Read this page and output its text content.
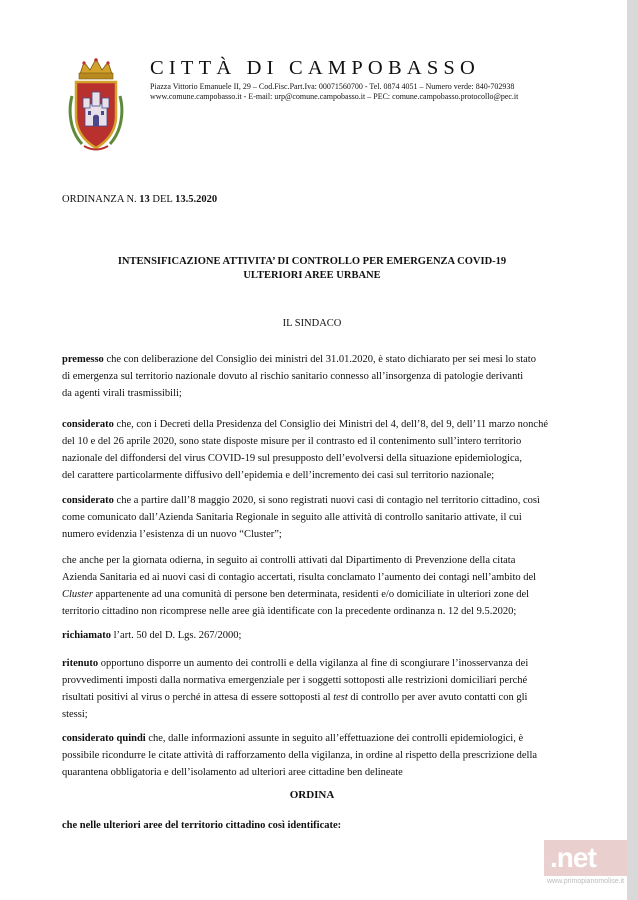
CITTÀ DI CAMPOBASSO
Piazza Vittorio Emanuele II, 29 – Cod.Fisc.Part.Iva: 00071560700 - Tel. 0874 4051 – Numero verde: 840-702938
www.comune.campobasso.it - E-mail: urp@comune.campobasso.it – PEC: comune.campobasso.protocollo@pec.it
ORDINANZA N. 13 DEL 13.5.2020
INTENSIFICAZIONE ATTIVITA’ DI CONTROLLO PER EMERGENZA COVID-19
ULTERIORI AREE URBANE
IL SINDACO
premesso che con deliberazione del Consiglio dei ministri del 31.01.2020, è stato dichiarato per sei mesi lo stato
di emergenza sul territorio nazionale dovuto al rischio sanitario connesso all’insorgenza di patologie derivanti
da agenti virali trasmissibili;
considerato che, con i Decreti della Presidenza del Consiglio dei Ministri del 4, dell’8, del 9, dell’11 marzo nonché
del 10 e del 26 aprile 2020, sono state disposte misure per il contrasto ed il contenimento sull’intero territorio
nazionale del diffondersi del virus COVID-19 sul presupposto dell’evolversi della situazione epidemiologica,
del carattere particolarmente diffusivo dell’epidemia e dell’incremento dei casi sul territorio nazionale;
considerato che a partire dall’8 maggio 2020, si sono registrati nuovi casi di contagio nel territorio cittadino, così
come comunicato dall’Azienda Sanitaria Regionale in seguito alle attività di controllo sanitario attivate, il cui
numero evidenzia l’esistenza di un nuovo “Cluster”;
che anche per la giornata odierna, in seguito ai controlli attivati dal Dipartimento di Prevenzione della citata
Azienda Sanitaria ed ai nuovi casi di contagio accertati, risulta conclamato l’aumento dei contagi nell’ambito del
Cluster appartenente ad una comunità di persone ben determinata, residenti e/o domiciliate in ulteriori zone del
territorio cittadino non ricomprese nelle aree già identificate con la precedente ordinanza n. 12 del 9.5.2020;
richiamato l’art. 50 del D. Lgs. 267/2000;
ritenuto opportuno disporre un aumento dei controlli e della vigilanza al fine di scongiurare l’inosservanza dei
provvedimenti imposti dalla normativa emergenziale per i soggetti sottoposti alle restrizioni domiciliari perché
risultati positivi al virus o perché in attesa di essere sottoposti al test di controllo per aver avuto contatti con gli
stessi;
considerato quindi che, dalle informazioni assunte in seguito all’effettuazione dei controlli epidemiologici, è
possibile ricondurre le citate attività di rafforzamento della vigilanza, in ordine al rispetto della prescrizione della
quarantena obbligatoria e dell’isolamento ad ulteriori aree cittadine ben delineate
ORDINA
che nelle ulteriori aree del territorio cittadino così identificate:
.net
www.primopianomolise.it
